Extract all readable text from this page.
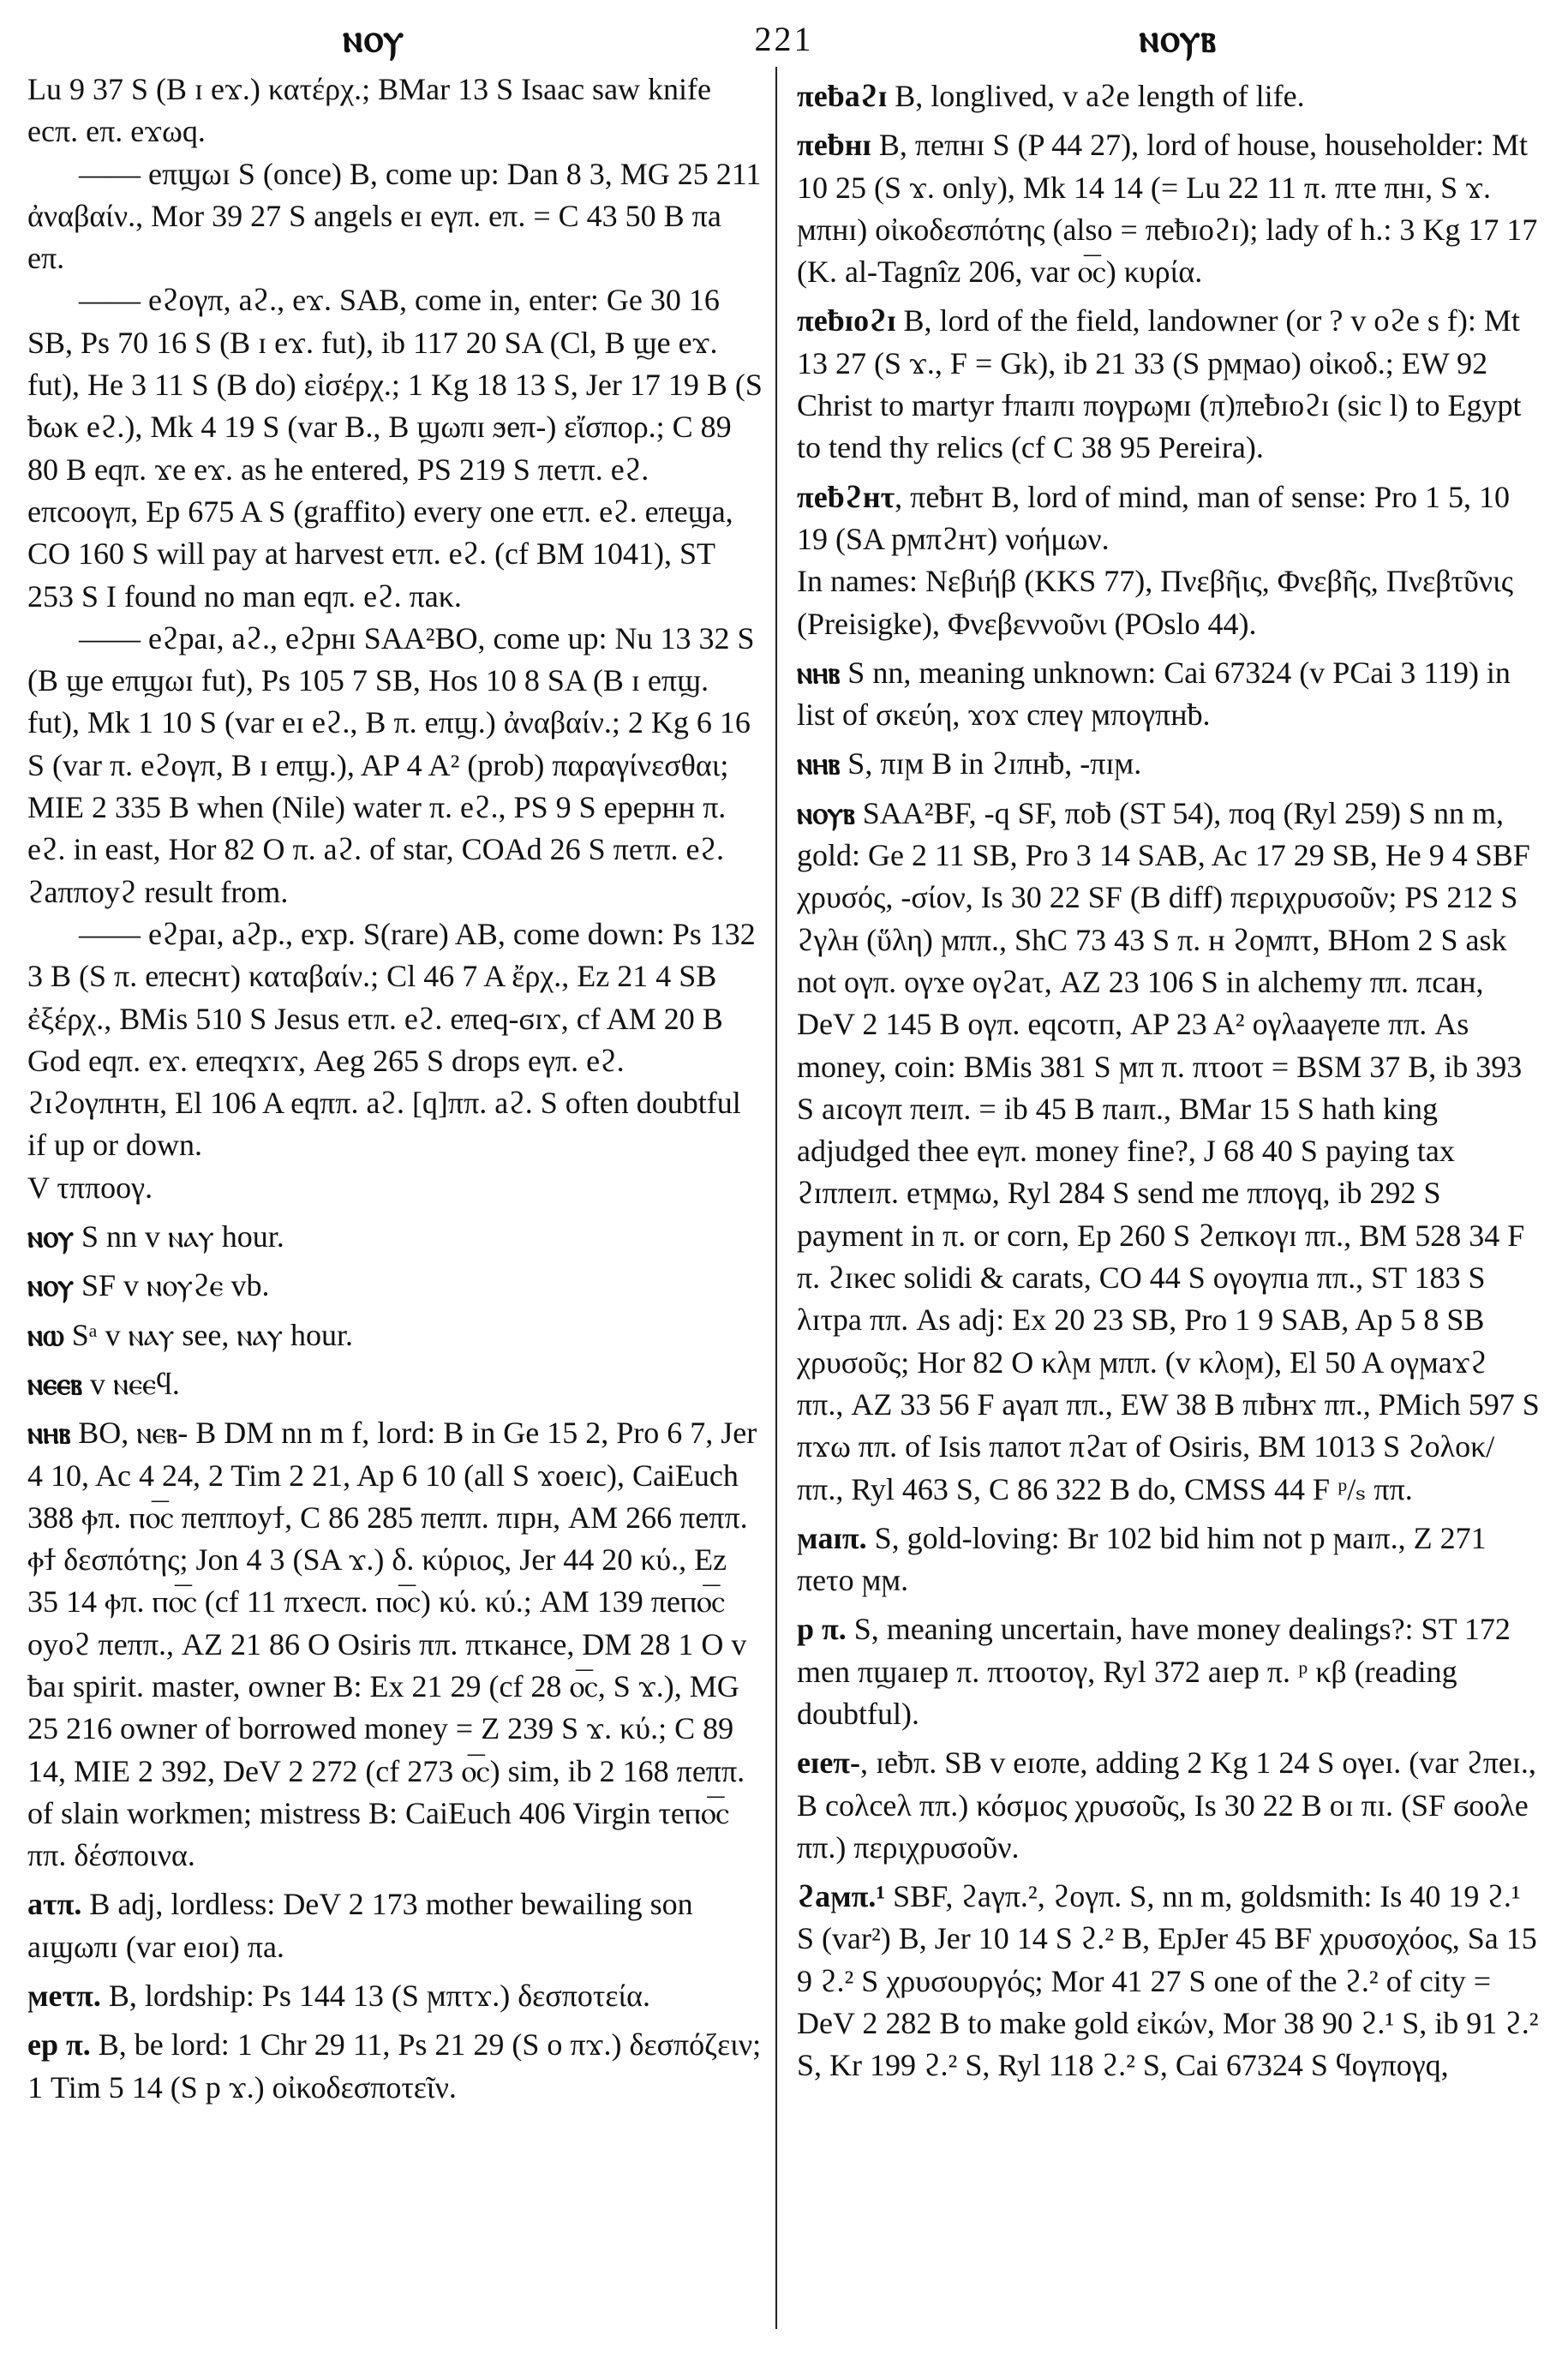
ⲛⲟⲩ	221	ⲛⲟⲩⲃ

Lu 9 37 S (B ɪ eϫ.) κατέρχ.; BMar 13 S Isaac saw knife ecπ. eπ. eϫωq.

—— eπϣωɪ S (once) B, come up: Dan 8 3, MG 25 211 ἀναβαίν., Mor 39 27 S angels eɪ eγπ. eπ. = C 43 50 B πa eπ.

—— eϩoγπ, aϩ., eϫ. SAB, come in, enter: Ge 30 16 SB, Ps 70 16 S (B ɪ eϫ. fut), ib 117 20 SA (Cl, B ϣe eϫ. fut), He 3 11 S (B do) εἰσέρχ.; 1 Kg 18 13 S, Jer 17 19 B (S ƀωκ eϩ.), Mk 4 19 S (var B., B ϣωπɪ ϧeπ-) εἴσπορ.; C 89 80 B eqπ. ϫe eϫ. as he entered, PS 219 S πeτπ. eϩ. eπcooγπ, Ep 675 A S (graffito) every one eτπ. eϩ. eπeϣa, CO 160 S will pay at harvest eτπ. eϩ. (cf BM 1041), ST 253 S I found no man eqπ. eϩ. πaκ.

—— eϩpaɪ, aϩ., eϩpнɪ SAA²BO, come up: Nu 13 32 S (B ϣe eπϣωɪ fut), Ps 105 7 SB, Hos 10 8 SA (B ɪ eπϣ. fut), Mk 1 10 S (var eɪ eϩ., B π. eπϣ.) ἀναβαίν.; 2 Kg 6 16 S (var π. eϩoγπ, B ɪ eπϣ.), AP 4 A² (prob) παραγίνεσθαι; MIE 2 335 B when (Nile) water π. eϩ., PS 9 S epepнн π. eϩ. in east, Hor 82 O π. aϩ. of star, COAd 26 S πeτπ. eϩ. ϩaπποyϩ result from.

—— eϩpaɪ, aϩp., eϫp. S(rare) AB, come down: Ps 132 3 B (S π. eπecнτ) καταβαίν.; Cl 46 7 A ἔρχ., Ez 21 4 SB ἐξέρχ., BMis 510 S Jesus eτπ. eϩ. eπeq-ϭɪϫ, cf AM 20 B God eqπ. eϫ. eπeqϫɪϫ, Aeg 265 S drops eγπ. eϩ. ϩɪϩoγπнτн, El 106 A eqππ. aϩ. [q]ππ. aϩ. S often doubtful if up or down.

V τππooγ.

ⲛⲟⲩ S nn v ⲛⲁⲩ hour.

ⲛⲟⲩ SF v ⲛⲟⲩϩⲉ vb.

ⲛⲱ Sᵃ v ⲛⲁⲩ see, ⲛⲁⲩ hour.

ⲛⲉⲉⲃ v ⲛⲉⲉϥ.

ⲛⲏⲃ BO, ⲛⲉⲃ- B DM nn m f, lord: B in Ge 15 2, Pro 6 7, Jer 4 10, Ac 4 24, 2 Tim 2 21, Ap 6 10 (all S ϫoeɪc), CaiEuch 388 ⲫπ. ⲡⲟ͞ⲥ πeππoyϯ, C 86 285 πeππ. πɪpн, AM 266 πeππ. ⲫϯ δεσπότης; Jon 4 3 (SA ϫ.) δ. κύριος, Jer 44 20 κύ., Ez 35 14 ⲫπ. ⲡⲟ͞ⲥ (cf 11 πϫecπ. ⲡⲟ͞ⲥ) κύ. κύ.; AM 139 πeⲡⲟ͞ⲥ oyoϩ πeππ., AZ 21 86 O Osiris ππ. πτκaнce, DM 28 1 O v ƀaɪ spirit. master, owner B: Ex 21 29 (cf 28 ⲟ͞ⲥ, S ϫ.), MG 25 216 owner of borrowed money = Z 239 S ϫ. κύ.; C 89 14, MIE 2 392, DeV 2 272 (cf 273 ⲟ͞ⲥ) sim, ib 2 168 πeππ. of slain workmen; mistress B: CaiEuch 406 Virgin τeⲡⲟ͞ⲥ ππ. δέσποινα.

aτπ. B adj, lordless: DeV 2 173 mother bewailing son aɪϣωπɪ (var eɪoɪ) πa.

ϻeτπ. B, lordship: Ps 144 13 (S ϻπτϫ.) δεσποτεία.

ep π. B, be lord: 1 Chr 29 11, Ps 21 29 (S o πϫ.) δεσπόζειν; 1 Tim 5 14 (S p ϫ.) οἰκοδεσποτεῖν.

πeƀaϩɪ B, longlived, v aϩe length of life.

πeƀнɪ B, πeπнɪ S (P 44 27), lord of house, householder: Mt 10 25 (S ϫ. only), Mk 14 14 (= Lu 22 11 π. πτe πнɪ, S ϫ. ϻπнɪ) οἰκοδεσπότης (also = πeƀɪoϩɪ); lady of h.: 3 Kg 17 17 (K. al-Tagnîz 206, var ⲟ͞ⲥ) κυρία.

πeƀɪoϩɪ B, lord of the field, landowner (or ? v oϩe s f): Mt 13 27 (S ϫ., F = Gk), ib 21 33 (S pϻϻao) οἰκοδ.; EW 92 Christ to martyr ϯπaɪπɪ πoγpωϻɪ (π)πeƀɪoϩɪ (sic l) to Egypt to tend thy relics (cf C 38 95 Pereira).

πeƀϩнτ, πeƀнτ B, lord of mind, man of sense: Pro 1 5, 10 19 (SA pϻπϩнτ) νοήμων.

In names: Νεβιήβ (KKS 77), Πνεβῆις, Φνεβῆς, Πνεβτῦνις (Preisigke), Φνεβεννοῦνι (POslo 44).

ⲛⲏⲃ S nn, meaning unknown: Cai 67324 (v PCai 3 119) in list of σκεύη, ϫoϫ cπeγ ϻπoγπнƀ.

ⲛⲏⲃ S, πɪϻ B in ϩɪπнƀ, -πɪϻ.

ⲛⲟⲩⲃ SAA²BF, -q SF, πoƀ (ST 54), πoq (Ryl 259) S nn m, gold: Ge 2 11 SB, Pro 3 14 SAB, Ac 17 29 SB, He 9 4 SBF χρυσός, -σίον, Is 30 22 SF (B diff) περιχρυσοῦν; PS 212 S ϩγλн (ὕλη) ϻππ., ShC 73 43 S π. н ϩoϻπτ, BHom 2 S ask not oγπ. oγϫe oγϩaτ, AZ 23 106 S in alchemy ππ. πcaн, DeV 2 145 B oγπ. eqcoτп, AP 23 A² oγλaaγeπe ππ. As money, coin: BMis 381 S ϻπ π. πτooτ = BSM 37 B, ib 393 S aɪcoγπ πeɪπ. = ib 45 B πaɪπ., BMar 15 S hath king adjudged thee eγπ. money fine?, J 68 40 S paying tax ϩɪππeɪπ. eτϻϻω, Ryl 284 S send me ππoγq, ib 292 S payment in π. or corn, Ep 260 S ϩeπκoγɪ ππ., BM 528 34 F π. ϩɪκec solidi & carats, CO 44 S oγoγπɪa ππ., ST 183 S λɪτpa ππ. As adj: Ex 20 23 SB, Pro 1 9 SAB, Ap 5 8 SB χρυσοῦς; Hor 82 O κλϻ ϻππ. (v κλoϻ), El 50 A oγϻaϫϩ ππ., AZ 33 56 F aγaπ ππ., EW 38 B πɪƀнϫ ππ., PMich 597 S πϫω ππ. of Isis πaπoτ πϩaτ of Osiris, BM 1013 S ϩoλoκ/ ππ., Ryl 463 S, C 86 322 B do, CMSS 44 F ᵖ/ₛ ππ.

ϻaɪπ. S, gold-loving: Br 102 bid him not p ϻaɪπ., Z 271 πeτo ϻϻ.

p π. S, meaning uncertain, have money dealings?: ST 172 men πϣaɪep π. πτooτoγ, Ryl 372 aɪep π. ᵖ κβ (reading doubtful).

eɪeπ-, ɪeƀπ. SB v eɪoπe, adding 2 Kg 1 24 S oγeɪ. (var ϩπeɪ., B coλceλ ππ.) κόσμος χρυσοῦς, Is 30 22 B oɪ πɪ. (SF ϭooλe ππ.) περιχρυσοῦν.

ϩaϻπ.¹ SBF, ϩaγπ.², ϩoγπ. S, nn m, goldsmith: Is 40 19 ϩ.¹ S (var²) B, Jer 10 14 S ϩ.² B, EpJer 45 BF χρυσοχόος, Sa 15 9 ϩ.² S χρυσουργός; Mor 41 27 S one of the ϩ.² of city = DeV 2 282 B to make gold εἰκών, Mor 38 90 ϩ.¹ S, ib 91 ϩ.² S, Kr 199 ϩ.² S, Ryl 118 ϩ.² S, Cai 67324 S ϥoγπoγq,
